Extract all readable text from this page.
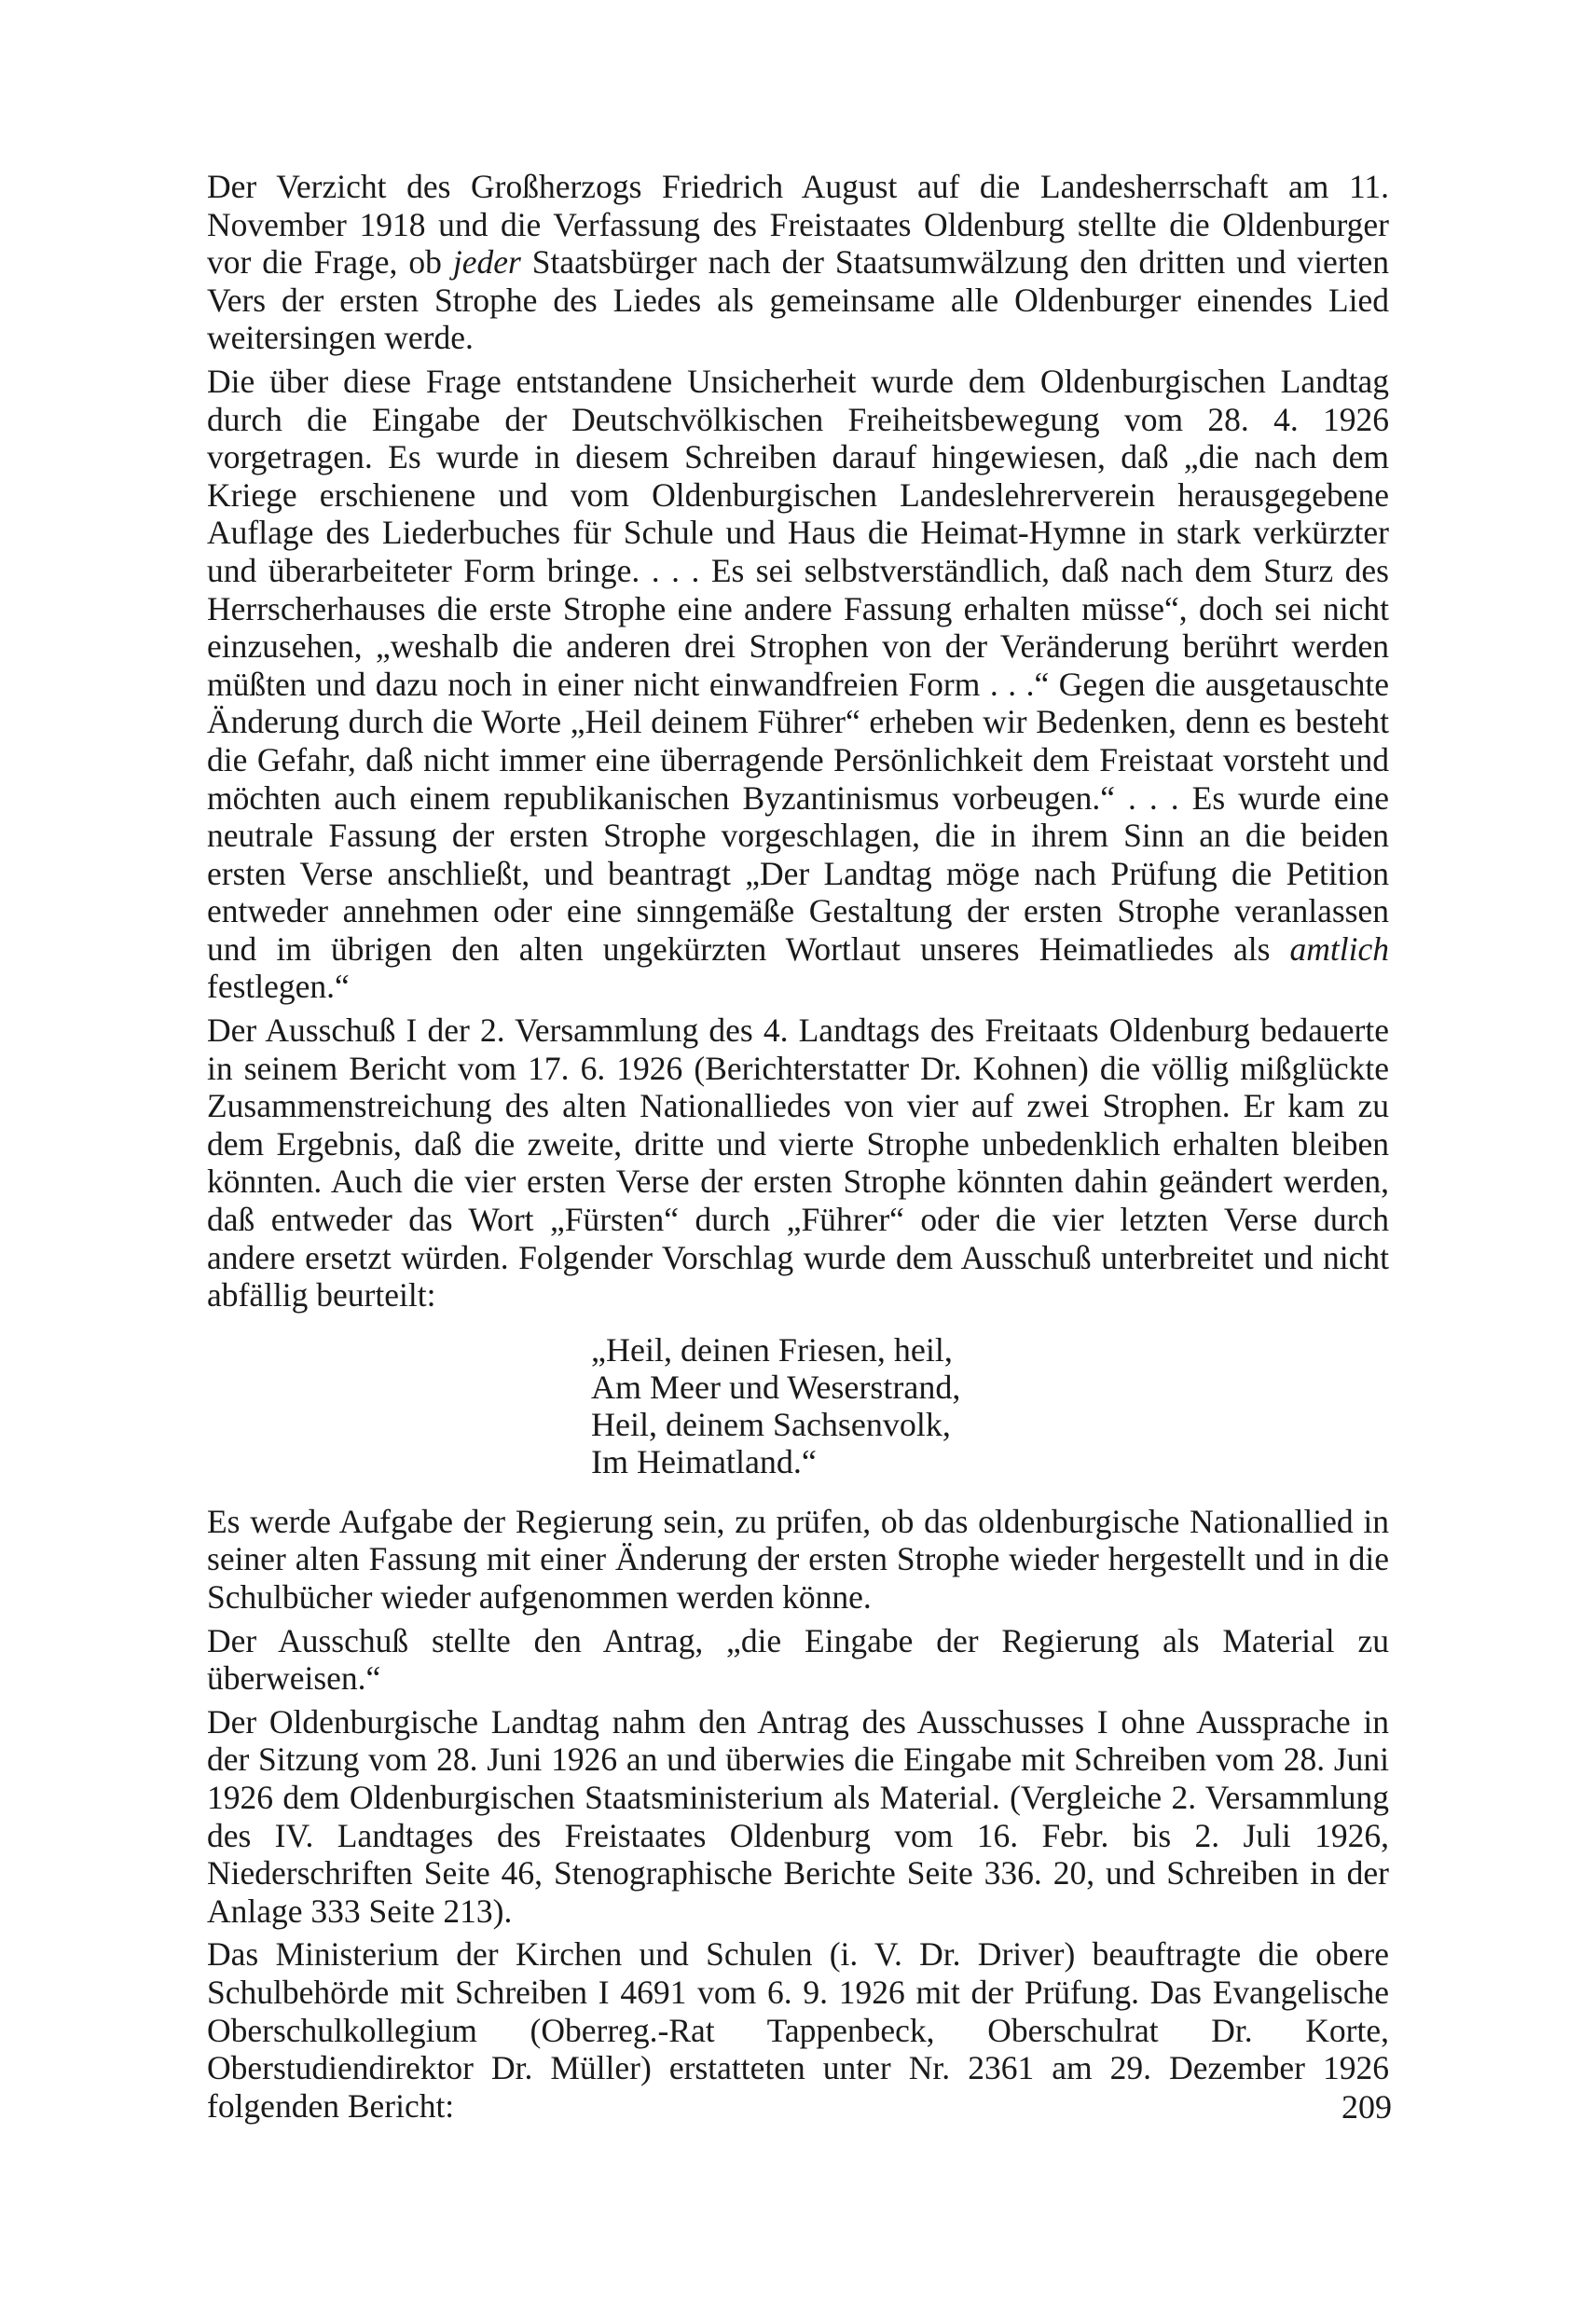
Der Verzicht des Großherzogs Friedrich August auf die Landesherrschaft am 11. November 1918 und die Verfassung des Freistaates Oldenburg stellte die Oldenburger vor die Frage, ob jeder Staatsbürger nach der Staatsumwälzung den dritten und vierten Vers der ersten Strophe des Liedes als gemeinsame alle Oldenburger einendes Lied weitersingen werde.
Die über diese Frage entstandene Unsicherheit wurde dem Oldenburgischen Landtag durch die Eingabe der Deutschvölkischen Freiheitsbewegung vom 28. 4. 1926 vorgetragen. Es wurde in diesem Schreiben darauf hingewiesen, daß „die nach dem Kriege erschienene und vom Oldenburgischen Landeslehrerverein herausgegebene Auflage des Liederbuches für Schule und Haus die Heimat-Hymne in stark verkürzter und überarbeiteter Form bringe. . . . Es sei selbstverständlich, daß nach dem Sturz des Herrscherhauses die erste Strophe eine andere Fassung erhalten müsse“, doch sei nicht einzusehen, „weshalb die anderen drei Strophen von der Veränderung berührt werden müßten und dazu noch in einer nicht einwandfreien Form . . .“ Gegen die ausgetauschte Änderung durch die Worte „Heil deinem Führer“ erheben wir Bedenken, denn es besteht die Gefahr, daß nicht immer eine überragende Persönlichkeit dem Freistaat vorsteht und möchten auch einem republikanischen Byzantinismus vorbeugen.“ . . . Es wurde eine neutrale Fassung der ersten Strophe vorgeschlagen, die in ihrem Sinn an die beiden ersten Verse anschließt, und beantragt „Der Landtag möge nach Prüfung die Petition entweder annehmen oder eine sinngemäße Gestaltung der ersten Strophe veranlassen und im übrigen den alten ungekürzten Wortlaut unseres Heimatliedes als amtlich festlegen.“
Der Ausschuß I der 2. Versammlung des 4. Landtags des Freitaats Oldenburg bedauerte in seinem Bericht vom 17. 6. 1926 (Berichterstatter Dr. Kohnen) die völlig mißglückte Zusammenstreichung des alten Nationalliedes von vier auf zwei Strophen. Er kam zu dem Ergebnis, daß die zweite, dritte und vierte Strophe unbedenklich erhalten bleiben könnten. Auch die vier ersten Verse der ersten Strophe könnten dahin geändert werden, daß entweder das Wort „Fürsten“ durch „Führer“ oder die vier letzten Verse durch andere ersetzt würden. Folgender Vorschlag wurde dem Ausschuß unterbreitet und nicht abfällig beurteilt:
„Heil, deinen Friesen, heil,
Am Meer und Weserstrand,
Heil, deinem Sachsenvolk,
Im Heimatland.“
Es werde Aufgabe der Regierung sein, zu prüfen, ob das oldenburgische Nationallied in seiner alten Fassung mit einer Änderung der ersten Strophe wieder hergestellt und in die Schulbücher wieder aufgenommen werden könne.
Der Ausschuß stellte den Antrag, „die Eingabe der Regierung als Material zu überweisen.“
Der Oldenburgische Landtag nahm den Antrag des Ausschusses I ohne Aussprache in der Sitzung vom 28. Juni 1926 an und überwies die Eingabe mit Schreiben vom 28. Juni 1926 dem Oldenburgischen Staatsministerium als Material. (Vergleiche 2. Versammlung des IV. Landtages des Freistaates Oldenburg vom 16. Febr. bis 2. Juli 1926, Niederschriften Seite 46, Stenographische Berichte Seite 336. 20, und Schreiben in der Anlage 333 Seite 213).
Das Ministerium der Kirchen und Schulen (i. V. Dr. Driver) beauftragte die obere Schulbehörde mit Schreiben I 4691 vom 6. 9. 1926 mit der Prüfung. Das Evangelische Oberschulkollegium (Oberreg.-Rat Tappenbeck, Oberschulrat Dr. Korte, Oberstudiendirektor Dr. Müller) erstatteten unter Nr. 2361 am 29. Dezember 1926 folgenden Bericht:	209
